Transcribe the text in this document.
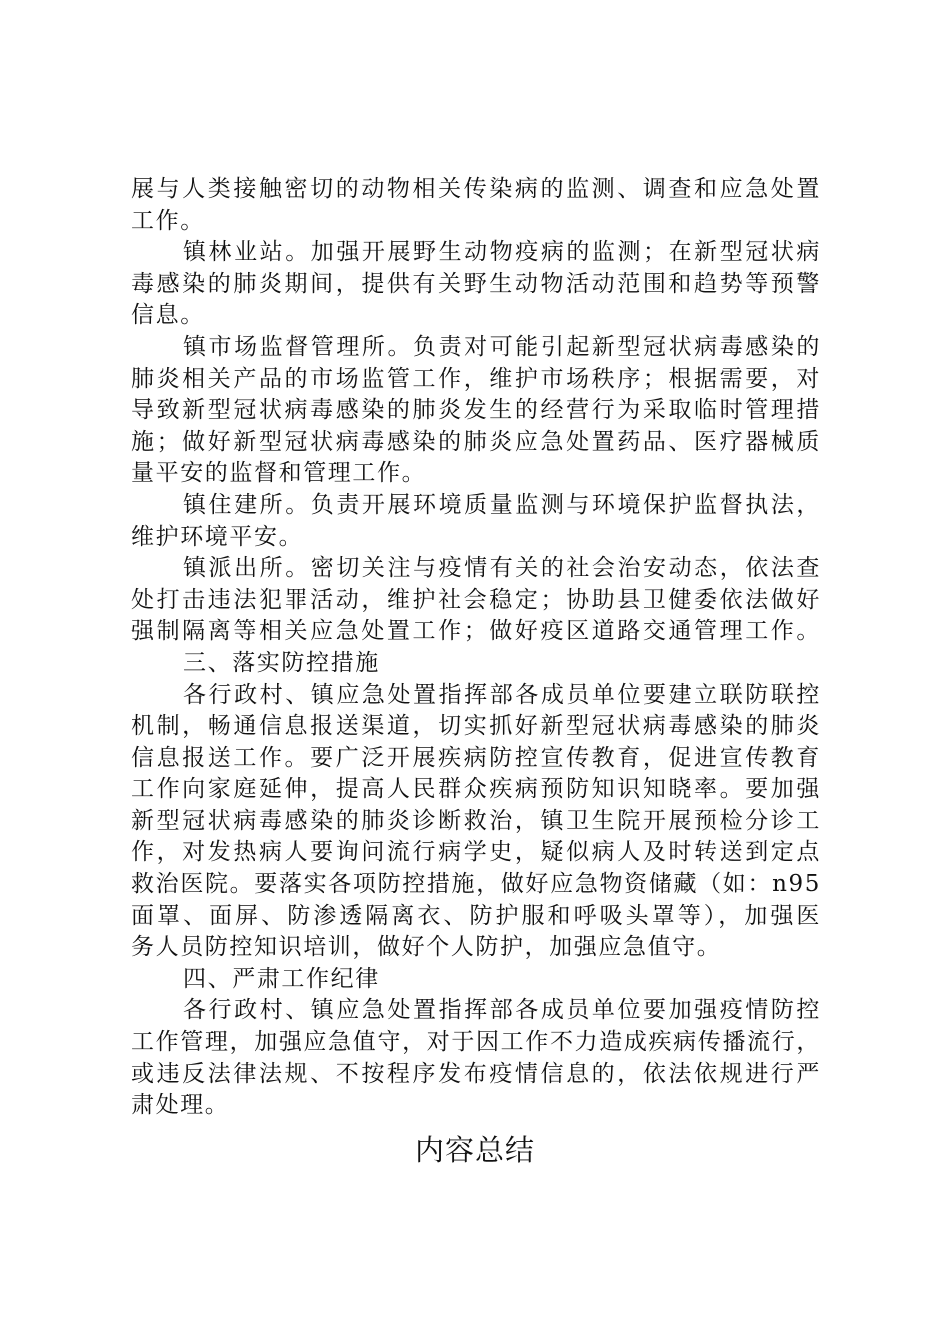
展与人类接触密切的动物相关传染病的监测、调查和应急处置
工作。
镇林业站。加强开展野生动物疫病的监测；在新型冠状病
毒感染的肺炎期间，提供有关野生动物活动范围和趋势等预警
信息。
镇市场监督管理所。负责对可能引起新型冠状病毒感染的
肺炎相关产品的市场监管工作，维护市场秩序；根据需要，对
导致新型冠状病毒感染的肺炎发生的经营行为采取临时管理措
施；做好新型冠状病毒感染的肺炎应急处置药品、医疗器械质
量平安的监督和管理工作。
镇住建所。负责开展环境质量监测与环境保护监督执法，
维护环境平安。
镇派出所。密切关注与疫情有关的社会治安动态，依法查
处打击违法犯罪活动，维护社会稳定；协助县卫健委依法做好
强制隔离等相关应急处置工作；做好疫区道路交通管理工作。
三、落实防控措施
各行政村、镇应急处置指挥部各成员单位要建立联防联控
机制，畅通信息报送渠道，切实抓好新型冠状病毒感染的肺炎
信息报送工作。要广泛开展疾病防控宣传教育，促进宣传教育
工作向家庭延伸，提高人民群众疾病预防知识知晓率。要加强
新型冠状病毒感染的肺炎诊断救治，镇卫生院开展预检分诊工
作，对发热病人要询问流行病学史，疑似病人及时转送到定点
救治医院。要落实各项防控措施，做好应急物资储藏（如：n95
面罩、面屏、防渗透隔离衣、防护服和呼吸头罩等），加强医
务人员防控知识培训，做好个人防护，加强应急值守。
四、严肃工作纪律
各行政村、镇应急处置指挥部各成员单位要加强疫情防控
工作管理，加强应急值守，对于因工作不力造成疾病传播流行，
或违反法律法规、不按程序发布疫情信息的，依法依规进行严
肃处理。
内容总结
